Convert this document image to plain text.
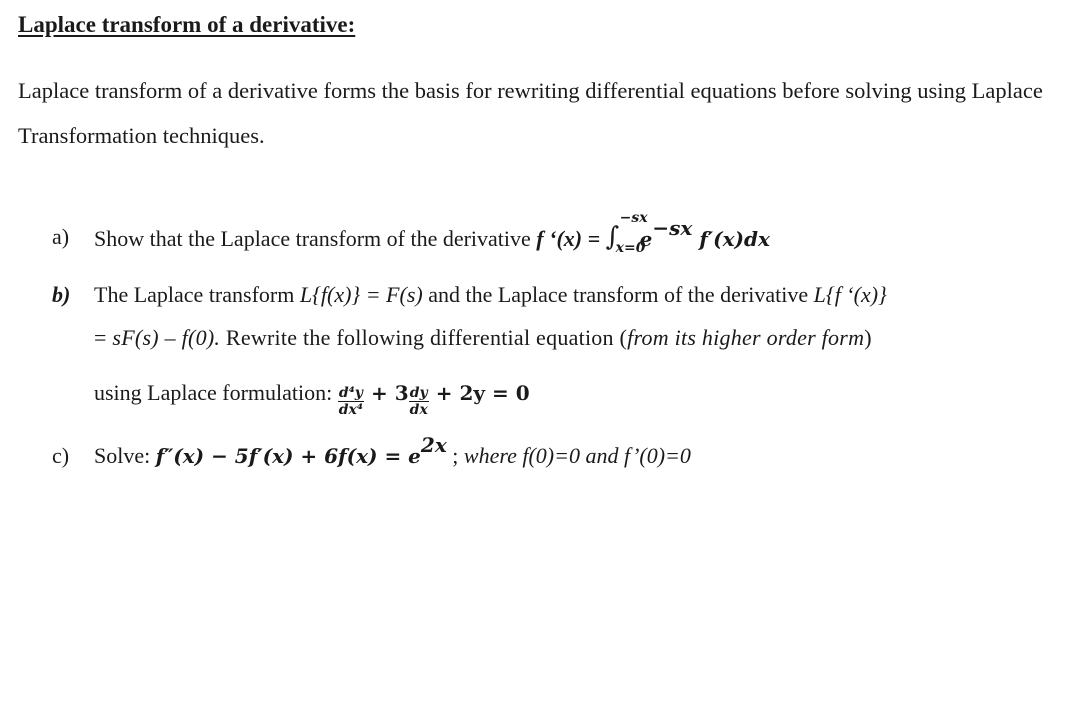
Laplace transform of a derivative:

Laplace transform of a derivative forms the basis for rewriting differential equations before solving using Laplace Transformation techniques.

a) Show that the Laplace transform of the derivative f ‘(x) = ∫
−sx
x=0
$e^{-sx}$ f′(x)dx
b) The Laplace transform L{f(x)} = F(s) and the Laplace transform of the derivative L{f ‘(x)}
= sF(s) – f(0). Rewrite the following differential equation (from its higher order form)
using Laplace formulation: $\frac{\text{d⁴y}}{\text{dx⁴}} + 3 \frac{dy}{dx} + 2y = 0$
c) Solve: $f''(x) - 5f'(x) + 6f(x) = e^{2x}$ ; where f(0)=0 and f’(0)=0
